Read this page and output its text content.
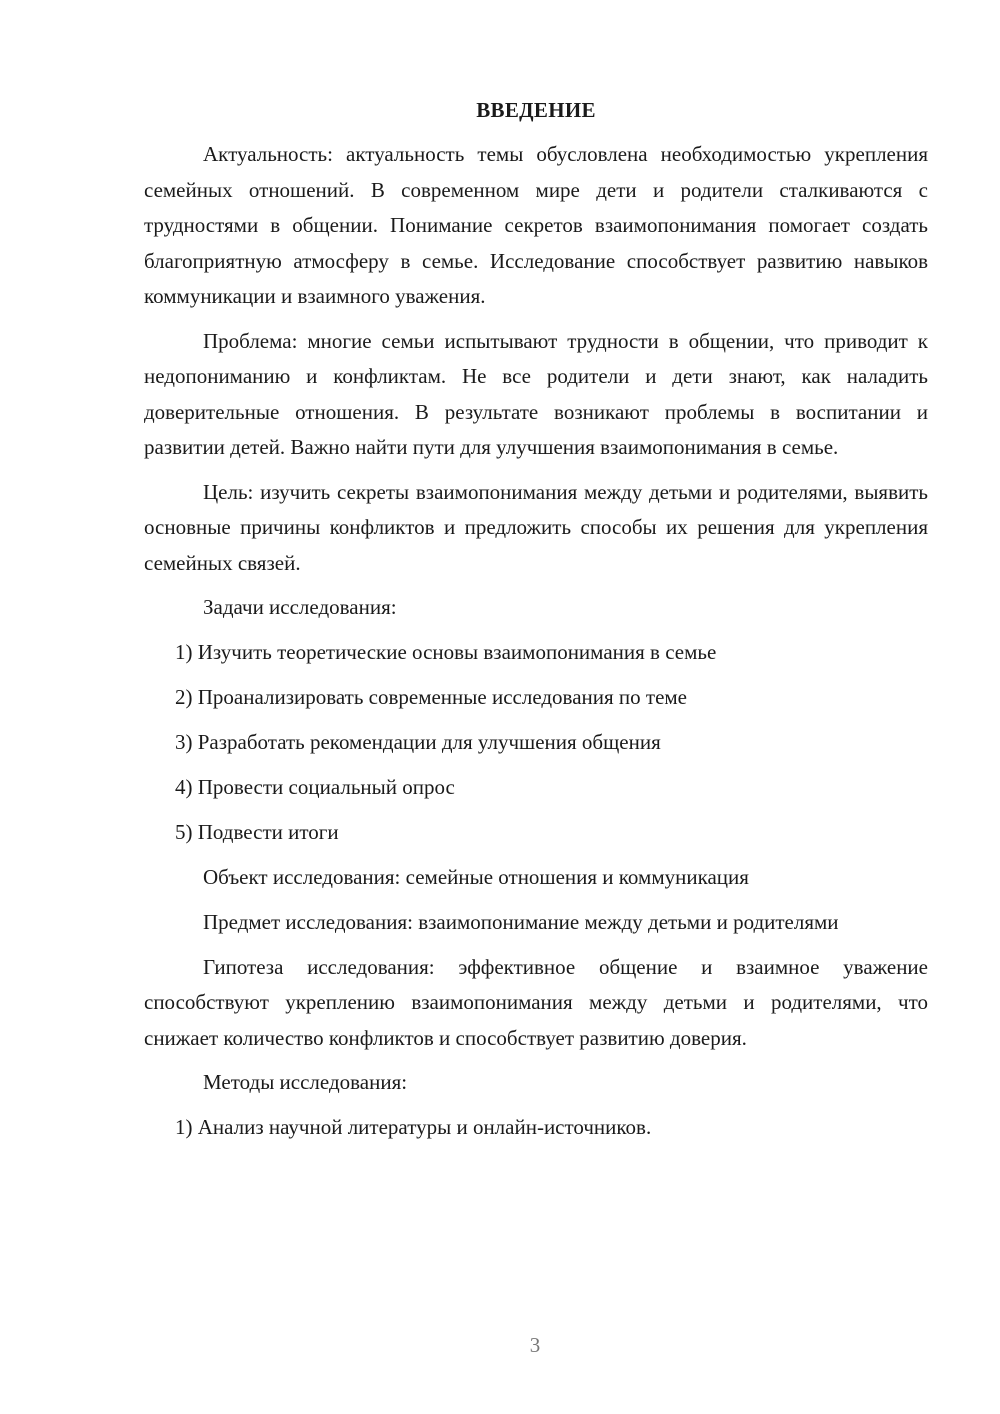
ВВЕДЕНИЕ

Актуальность: актуальность темы обусловлена необходимостью укрепления семейных отношений. В современном мире дети и родители сталкиваются с трудностями в общении. Понимание секретов взаимопонимания помогает создать благоприятную атмосферу в семье. Исследование способствует развитию навыков коммуникации и взаимного уважения.

Проблема: многие семьи испытывают трудности в общении, что приводит к недопониманию и конфликтам. Не все родители и дети знают, как наладить доверительные отношения. В результате возникают проблемы в воспитании и развитии детей. Важно найти пути для улучшения взаимопонимания в семье.

Цель: изучить секреты взаимопонимания между детьми и родителями, выявить основные причины конфликтов и предложить способы их решения для укрепления семейных связей.

Задачи исследования:
1) Изучить теоретические основы взаимопонимания в семье
2) Проанализировать современные исследования по теме
3) Разработать рекомендации для улучшения общения
4) Провести социальный опрос
5) Подвести итоги
Объект исследования: семейные отношения и коммуникация

Предмет исследования: взаимопонимание между детьми и родителями

Гипотеза исследования: эффективное общение и взаимное уважение способствуют укреплению взаимопонимания между детьми и родителями, что снижает количество конфликтов и способствует развитию доверия.

Методы исследования:
1) Анализ научной литературы и онлайн-источников.
3
